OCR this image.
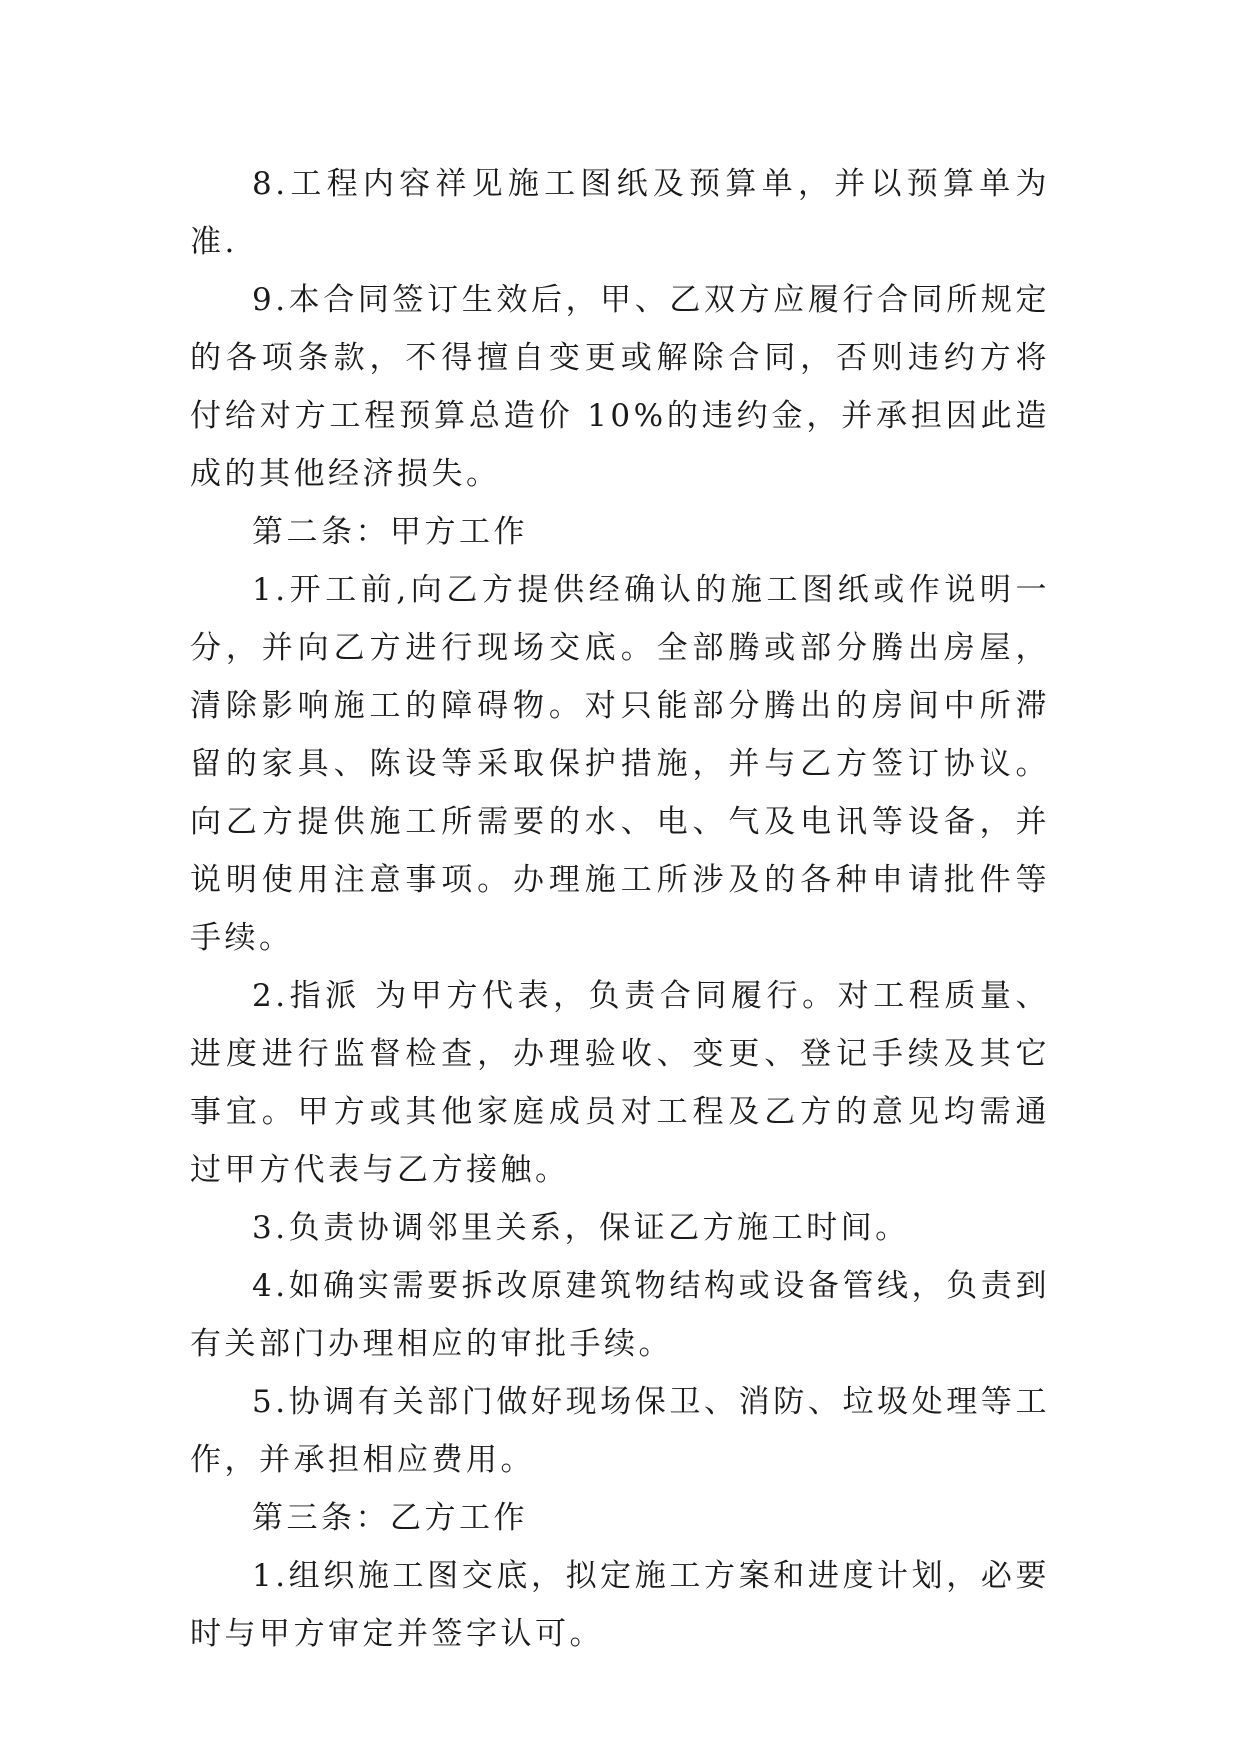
8.工程内容祥见施工图纸及预算单，并以预算单为准.

9.本合同签订生效后，甲、乙双方应履行合同所规定的各项条款，不得擅自变更或解除合同，否则违约方将付给对方工程预算总造价 10%的违约金，并承担因此造成的其他经济损失。

第二条：甲方工作

1.开工前,向乙方提供经确认的施工图纸或作说明一分，并向乙方进行现场交底。全部腾或部分腾出房屋，清除影响施工的障碍物。对只能部分腾出的房间中所滞留的家具、陈设等采取保护措施，并与乙方签订协议。向乙方提供施工所需要的水、电、气及电讯等设备，并说明使用注意事项。办理施工所涉及的各种申请批件等手续。

2.指派 为甲方代表，负责合同履行。对工程质量、进度进行监督检查，办理验收、变更、登记手续及其它事宜。甲方或其他家庭成员对工程及乙方的意见均需通过甲方代表与乙方接触。

3.负责协调邻里关系，保证乙方施工时间。

4.如确实需要拆改原建筑物结构或设备管线，负责到有关部门办理相应的审批手续。

5.协调有关部门做好现场保卫、消防、垃圾处理等工作，并承担相应费用。

第三条：乙方工作

1.组织施工图交底，拟定施工方案和进度计划，必要时与甲方审定并签字认可。
